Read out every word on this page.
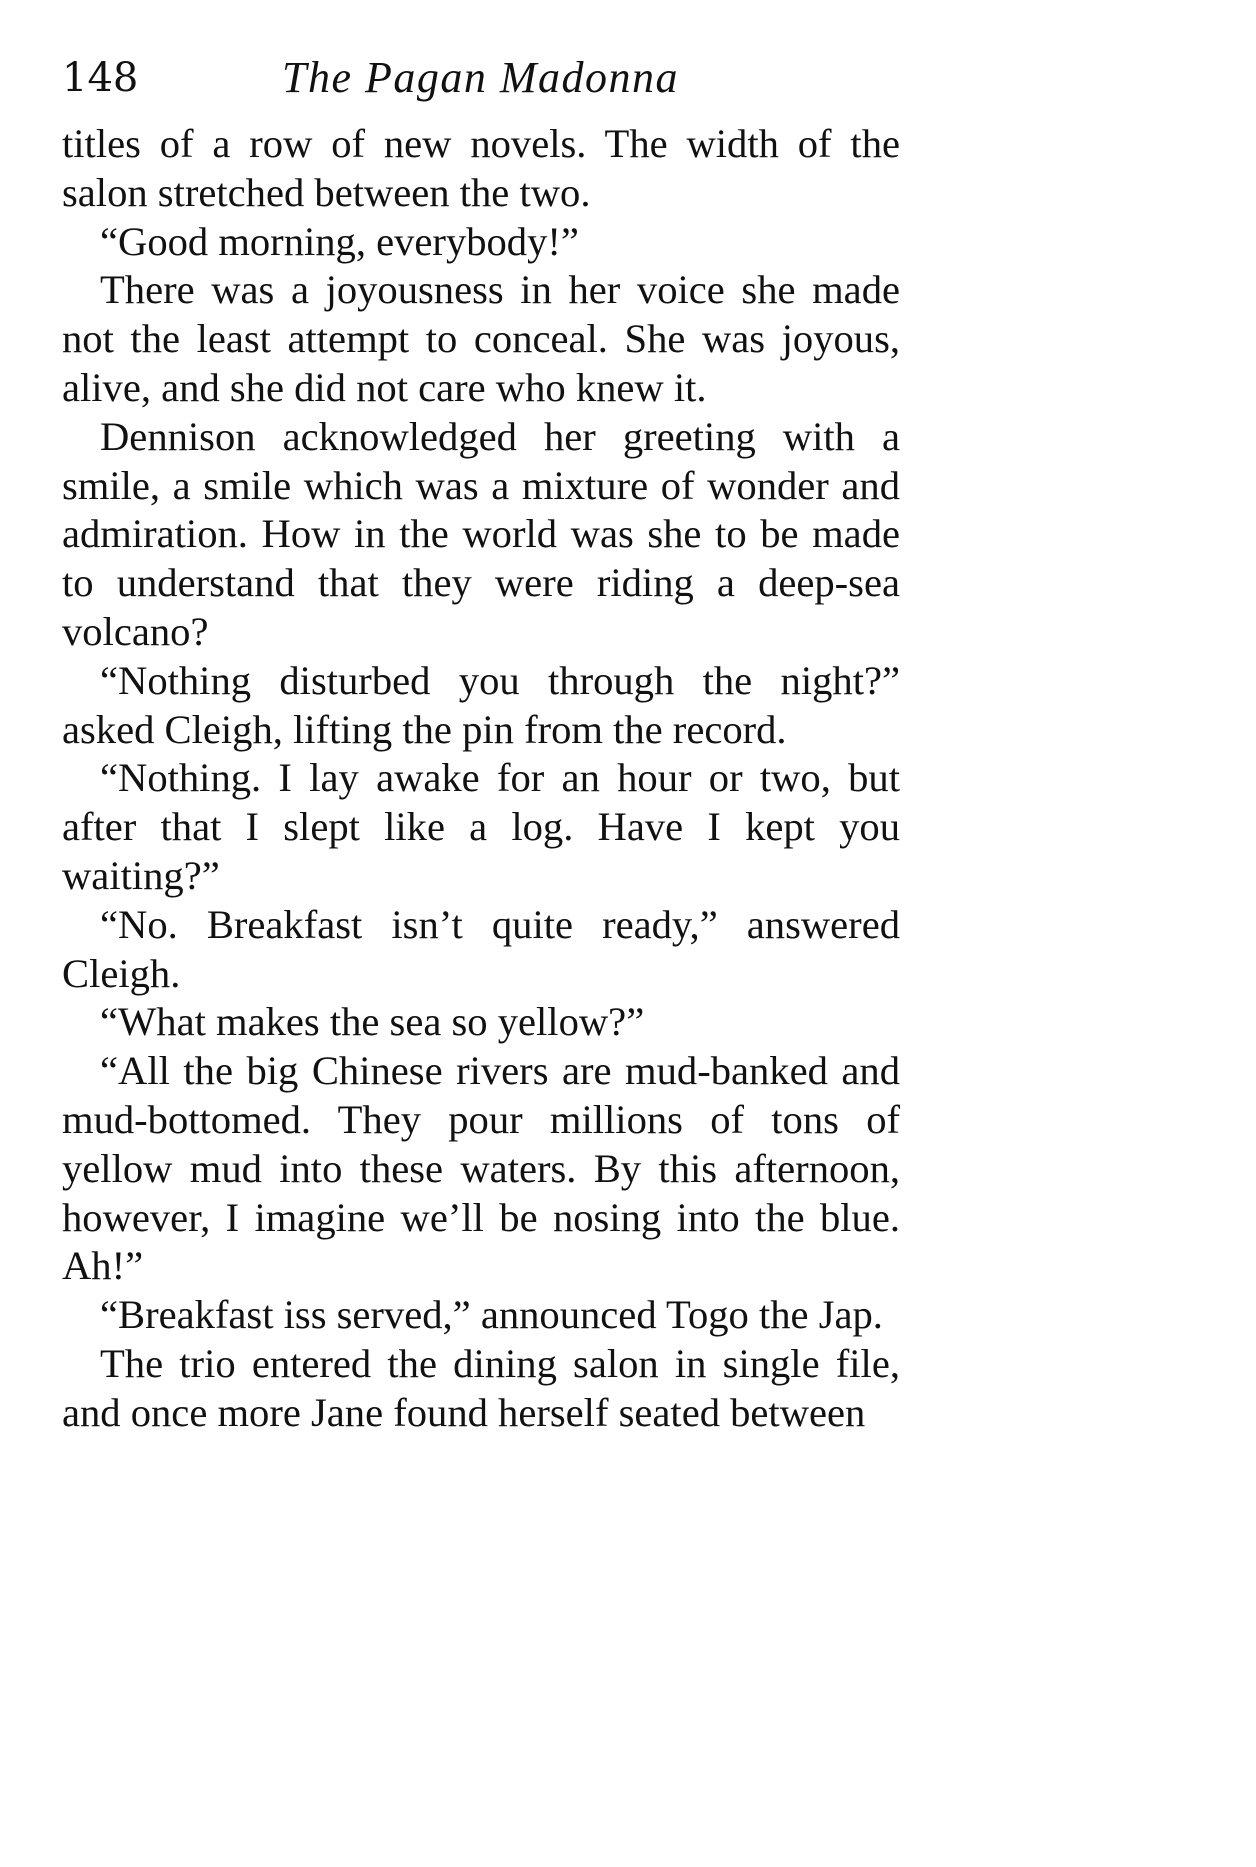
148	The Pagan Madonna

titles of a row of new novels. The width of the salon stretched between the two.

“Good morning, everybody!”

There was a joyousness in her voice she made not the least attempt to conceal. She was joyous, alive, and she did not care who knew it.

Dennison acknowledged her greeting with a smile, a smile which was a mixture of wonder and admiration. How in the world was she to be made to understand that they were riding a deep-sea volcano?

“Nothing disturbed you through the night?” asked Cleigh, lifting the pin from the record.

“Nothing. I lay awake for an hour or two, but after that I slept like a log. Have I kept you waiting?”

“No. Breakfast isn’t quite ready,” answered Cleigh.

“What makes the sea so yellow?”

“All the big Chinese rivers are mud-banked and mud-bottomed. They pour millions of tons of yellow mud into these waters. By this afternoon, however, I imagine we’ll be nosing into the blue. Ah!”

“Breakfast iss served,” announced Togo the Jap.

The trio entered the dining salon in single file, and once more Jane found herself seated between
